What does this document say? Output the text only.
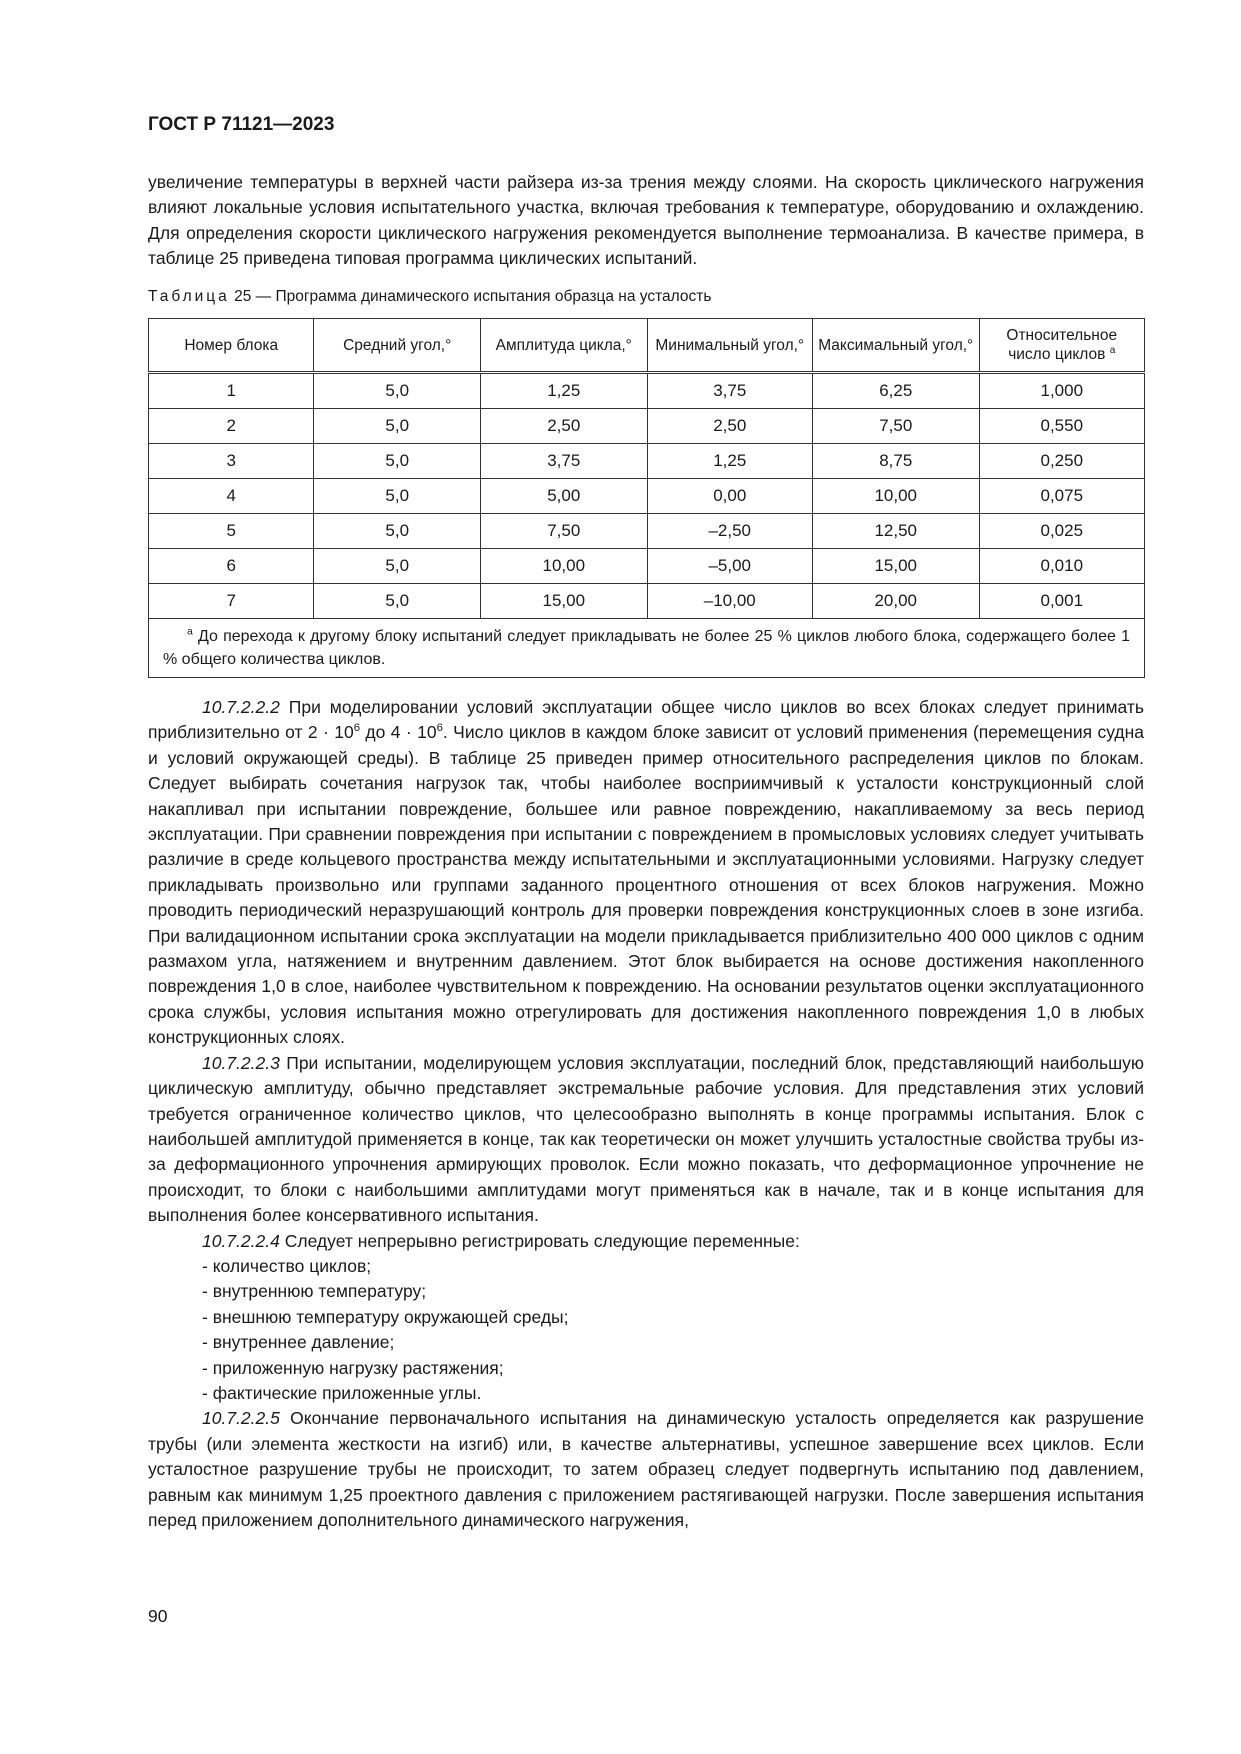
ГОСТ Р 71121—2023

увеличение температуры в верхней части райзера из-за трения между слоями. На скорость циклического нагружения влияют локальные условия испытательного участка, включая требования к температуре, оборудованию и охлаждению. Для определения скорости циклического нагружения рекомендуется выполнение термоанализа. В качестве примера, в таблице 25 приведена типовая программа циклических испытаний.

Таблица 25 — Программа динамического испытания образца на усталость
Номер блока	Средний угол,°	Амплитуда цикла,°	Минимальный угол,°	Максимальный угол,°	Относительное число циклов $^а$
1	5,0	1,25	3,75	6,25	1,000
2	5,0	2,50	2,50	7,50	0,550
3	5,0	3,75	1,25	8,75	0,250
4	5,0	5,00	0,00	10,00	0,075
5	5,0	7,50	–2,50	12,50	0,025
6	5,0	10,00	–5,00	15,00	0,010
7	5,0	15,00	–10,00	20,00	0,001
$^а$ До перехода к другому блоку испытаний следует прикладывать не более 25 % циклов любого блока, содержащего более 1 % общего количества циклов.					

10.7.2.2.2 При моделировании условий эксплуатации общее число циклов во всех блоках следует принимать приблизительно от $2 \cdot 10^6$ до $4 \cdot 10^6$. Число циклов в каждом блоке зависит от условий применения (перемещения судна и условий окружающей среды). В таблице 25 приведен пример относительного распределения циклов по блокам. Следует выбирать сочетания нагрузок так, чтобы наиболее восприимчивый к усталости конструкционный слой накапливал при испытании повреждение, большее или равное повреждению, накапливаемому за весь период эксплуатации. При сравнении повреждения при испытании с повреждением в промысловых условиях следует учитывать различие в среде кольцевого пространства между испытательными и эксплуатационными условиями. Нагрузку следует прикладывать произвольно или группами заданного процентного отношения от всех блоков нагружения. Можно проводить периодический неразрушающий контроль для проверки повреждения конструкционных слоев в зоне изгиба. При валидационном испытании срока эксплуатации на модели прикладывается приблизительно 400 000 циклов с одним размахом угла, натяжением и внутренним давлением. Этот блок выбирается на основе достижения накопленного повреждения 1,0 в слое, наиболее чувствительном к повреждению. На основании результатов оценки эксплуатационного срока службы, условия испытания можно отрегулировать для достижения накопленного повреждения 1,0 в любых конструкционных слоях.

10.7.2.2.3 При испытании, моделирующем условия эксплуатации, последний блок, представляющий наибольшую циклическую амплитуду, обычно представляет экстремальные рабочие условия. Для представления этих условий требуется ограниченное количество циклов, что целесообразно выполнять в конце программы испытания. Блок с наибольшей амплитудой применяется в конце, так как теоретически он может улучшить усталостные свойства трубы из-за деформационного упрочнения армирующих проволок. Если можно показать, что деформационное упрочнение не происходит, то блоки с наибольшими амплитудами могут применяться как в начале, так и в конце испытания для выполнения более консервативного испытания.

10.7.2.2.4 Следует непрерывно регистрировать следующие переменные:

- количество циклов;

- внутреннюю температуру;

- внешнюю температуру окружающей среды;

- внутреннее давление;

- приложенную нагрузку растяжения;

- фактические приложенные углы.

10.7.2.2.5 Окончание первоначального испытания на динамическую усталость определяется как разрушение трубы (или элемента жесткости на изгиб) или, в качестве альтернативы, успешное завершение всех циклов. Если усталостное разрушение трубы не происходит, то затем образец следует подвергнуть испытанию под давлением, равным как минимум 1,25 проектного давления с приложением растягивающей нагрузки. После завершения испытания перед приложением дополнительного динамического нагружения,

90
